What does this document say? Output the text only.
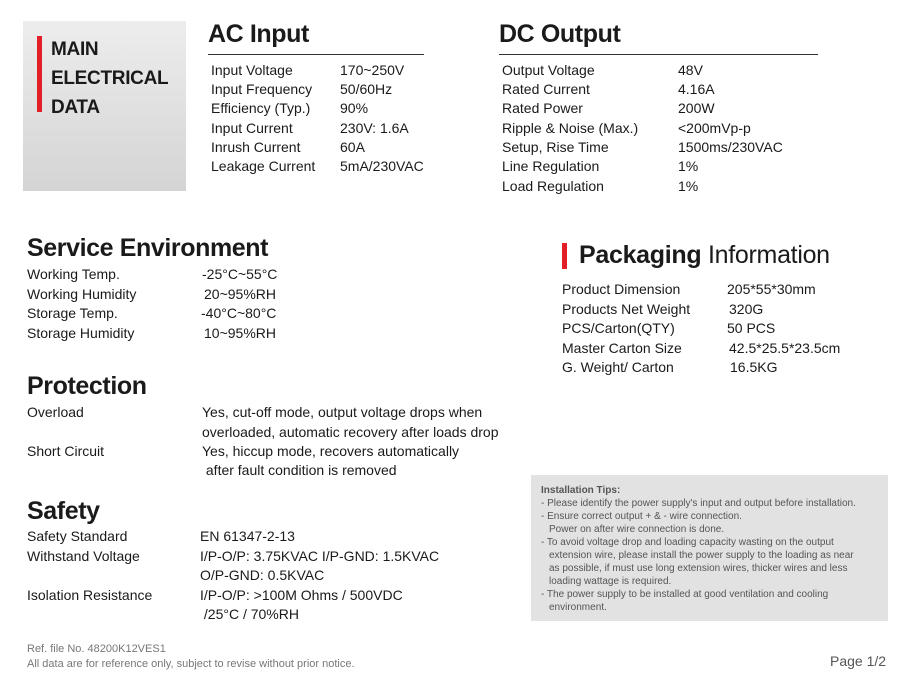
MAIN
ELECTRICAL
DATA
AC Input
Input Voltage	170~250V
Input Frequency 50/60Hz
Efficiency (Typ.) 90%
Input Current	230V: 1.6A
Inrush Current	60A
Leakage Current 5mA/230VAC
DC Output
Output Voltage	48V
Rated Current	4.16A
Rated Power	200W
Ripple & Noise (Max.)	<200mVp-p
Setup, Rise Time	1500ms/230VAC
Line Regulation	1%
Load Regulation	1%
Service Environment
Working Temp.	-25°C~55°C
Working Humidity	20~95%RH
Storage Temp.	-40°C~80°C
Storage Humidity	10~95%RH
Packaging Information
Product Dimension	205*55*30mm
Products Net Weight	320G
PCS/Carton(QTY)	50 PCS
Master Carton Size	42.5*25.5*23.5cm
G. Weight/ Carton	16.5KG
Protection
Overload	Yes, cut-off mode, output voltage drops when
overloaded, automatic recovery after loads drop
Short Circuit	Yes, hiccup mode, recovers automatically
after fault condition is removed
Safety
Safety Standard	EN 61347-2-13
Withstand Voltage	I/P-O/P: 3.75KVAC I/P-GND: 1.5KVAC
O/P-GND: 0.5KVAC
Isolation Resistance	I/P-O/P: >100M Ohms / 500VDC
/25°C / 70%RH
Installation Tips:
- Please identify the power supply's input and output before installation.
- Ensure correct output + & - wire connection.
Power on after wire connection is done.
- To avoid voltage drop and loading capacity wasting on the output
extension wire, please install the power supply to the loading as near
as possible, if must use long extension wires, thicker wires and less
loading wattage is required.
- The power supply to be installed at good ventilation and cooling
environment.
Ref. file No. 48200K12VES1
All data are for reference only, subject to revise without prior notice.	Page 1/2
